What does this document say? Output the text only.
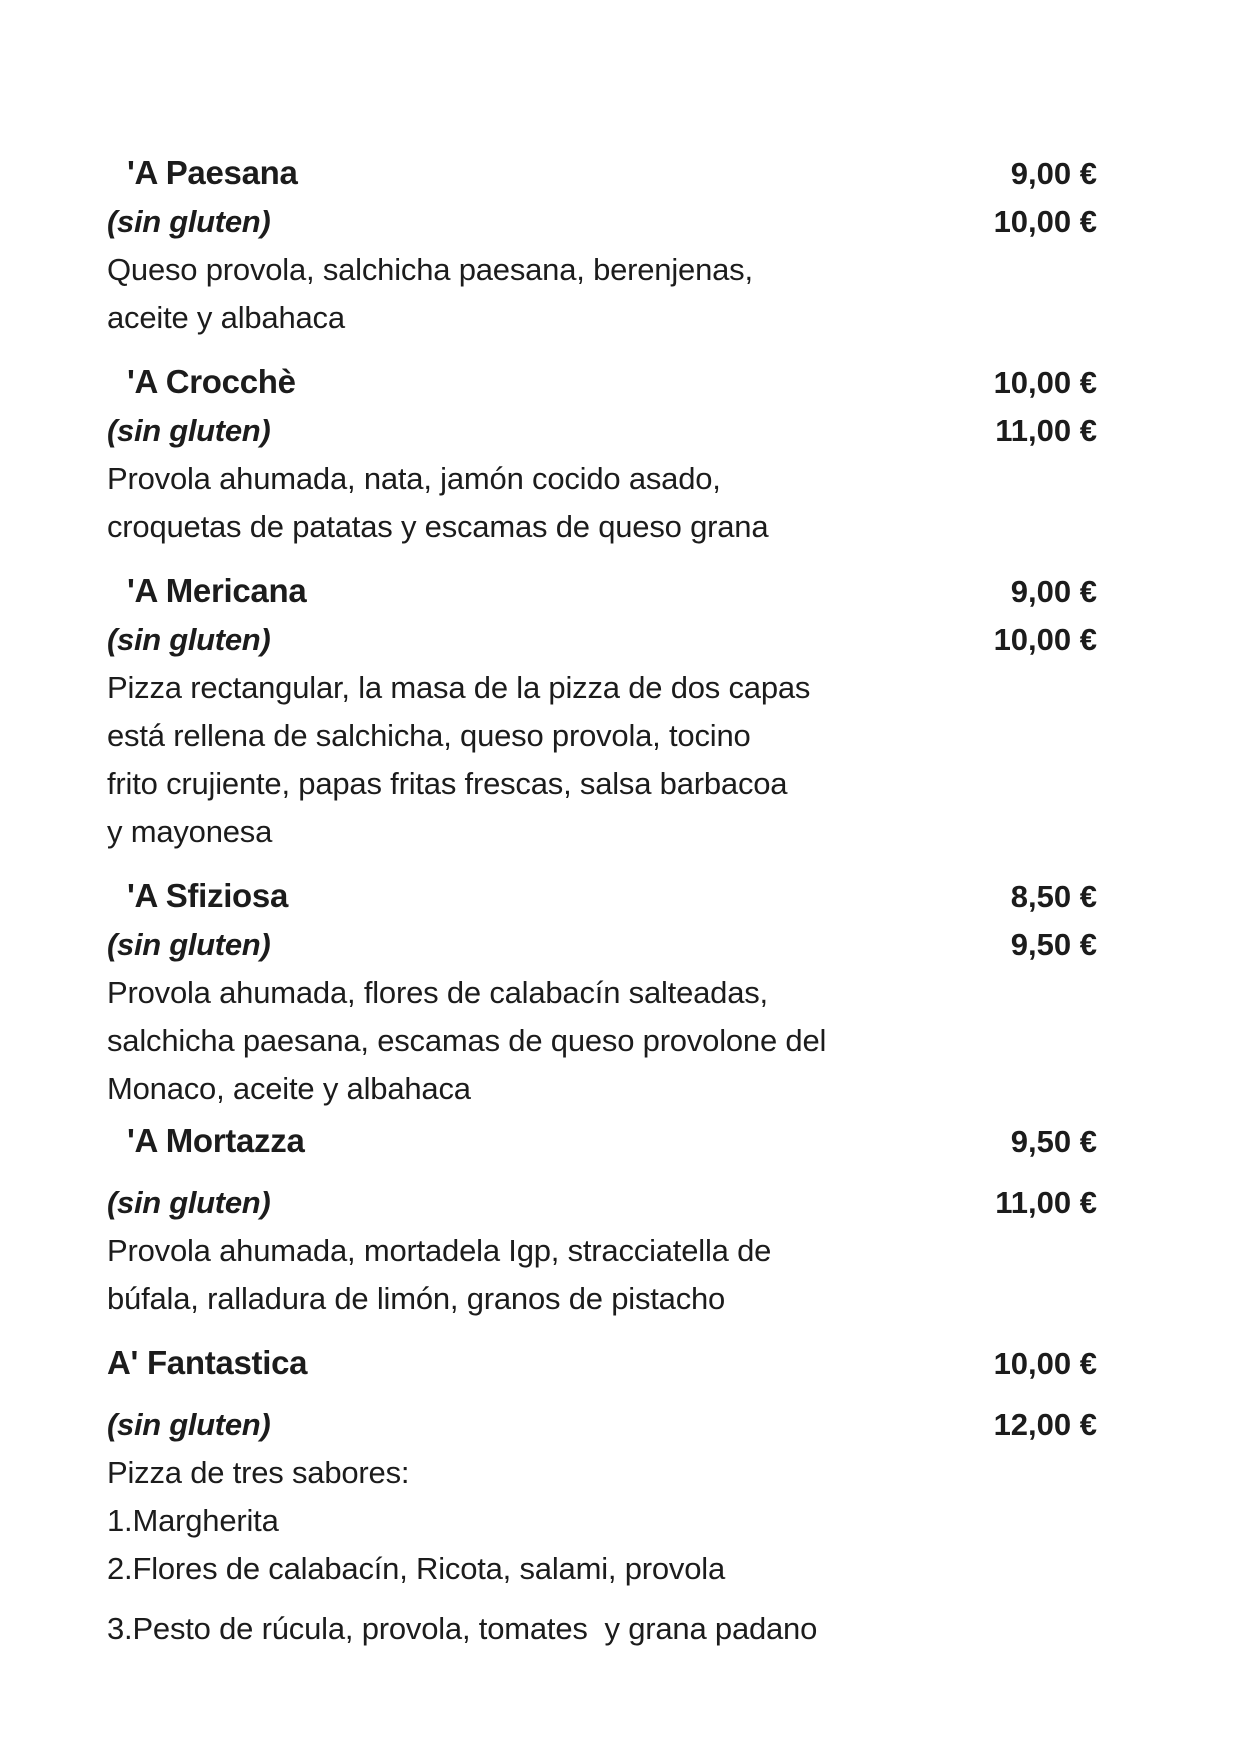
'A Paesana	9,00 €
(sin gluten)	10,00 €
Queso provola, salchicha paesana, berenjenas,
aceite y albahaca
'A Crocchè	10,00 €
(sin gluten)	11,00 €
Provola ahumada, nata, jamón cocido asado,
croquetas de patatas y escamas de queso grana
'A Mericana	9,00 €
(sin gluten)	10,00 €
Pizza rectangular, la masa de la pizza de dos capas
está rellena de salchicha, queso provola, tocino
frito crujiente, papas fritas frescas, salsa barbacoa
y mayonesa
'A Sfiziosa	8,50 €
(sin gluten)	9,50 €
Provola ahumada, flores de calabacín salteadas,
salchicha paesana, escamas de queso provolone del
Monaco, aceite y albahaca
'A Mortazza	9,50 €
(sin gluten)	11,00 €
Provola ahumada, mortadela Igp, stracciatella de
búfala, ralladura de limón, granos de pistacho
A' Fantastica	10,00 €
(sin gluten)	12,00 €
Pizza de tres sabores:
1.Margherita
2.Flores de calabacín, Ricota, salami, provola
3.Pesto de rúcula, provola, tomates  y grana padano
